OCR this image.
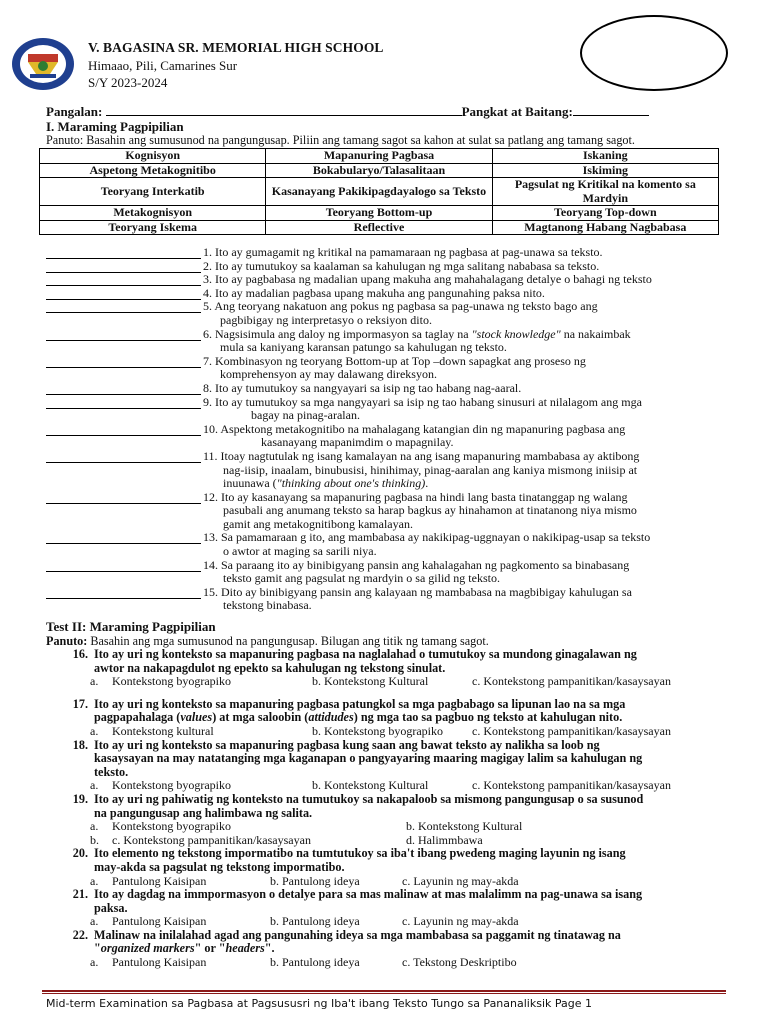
V. BAGASINA SR. MEMORIAL HIGH SCHOOL
Himaao, Pili, Camarines Sur
S/Y 2023-2024
Pangalan:	Pangkat at Baitang:
I. Maraming Pagpipilian
Panuto: Basahin ang sumusunod na pangungusap. Piliin ang tamang sagot sa kahon at sulat sa patlang ang tamang sagot.
Kognisyon	Mapanuring Pagbasa	Iskaning
Aspetong Metakognitibo	Bokabularyo/Talasalitaan	Iskiming
Teoryang Interkatib	Kasanayang Pakikipagdayalogo sa Teksto	Pagsulat ng Kritikal na komento sa Mardyin
Metakognisyon	Teoryang Bottom-up	Teoryang Top-down
Teoryang Iskema	Reflective	Magtanong Habang Nagbabasa
1. Ito ay gumagamit ng kritikal na pamamaraan ng pagbasa at pag-unawa sa teksto.
2. Ito ay tumutukoy sa kaalaman sa kahulugan ng mga salitang nababasa sa teksto.
3. Ito ay pagbabasa ng madalian upang makuha ang mahahalagang detalye o bahagi ng teksto
4. Ito ay madalian pagbasa upang makuha ang pangunahing paksa nito.
5. Ang teoryang nakatuon ang pokus ng pagbasa sa pag-unawa ng teksto bago ang
pagbibigay ng interpretasyo o reksiyon dito.
6. Nagsisimula ang daloy ng impormasyon sa taglay na "stock knowledge" na nakaimbak
mula sa kaniyang karansan patungo sa kahulugan ng teksto.
7. Kombinasyon ng teoryang Bottom-up at Top –down sapagkat ang proseso ng
komprehensyon ay may dalawang direksyon.
8. Ito ay tumutukoy sa nangyayari sa isip ng tao habang nag-aaral.
9. Ito ay tumutukoy sa mga nangyayari sa isip ng tao habang sinusuri at nilalagom ang mga
bagay na pinag-aralan.
10. Aspektong metakognitibo na mahalagang katangian din ng mapanuring pagbasa ang
kasanayang mapanimdim o mapagnilay.
11. Itoay nagtutulak ng isang kamalayan na ang isang mapanuring mambabasa ay aktibong
nag-iisip, inaalam, binubusisi, hinihimay, pinag-aaralan ang kaniya mismong iniisip at
inuunawa ("thinking about one's thinking).
12. Ito ay kasanayang sa mapanuring pagbasa na hindi lang basta tinatanggap ng walang
pasubali ang anumang teksto sa harap bagkus ay hinahamon at tinatanong niya mismo
gamit ang metakognitibong kamalayan.
13. Sa pamamaraan g ito, ang mambabasa ay nakikipag-uggnayan o nakikipag-usap sa teksto
o awtor at maging sa sarili niya.
14. Sa paraang ito ay binibigyang pansin ang kahalagahan ng pagkomento sa binabasang
teksto gamit ang pagsulat ng mardyin o sa gilid ng teksto.
15. Dito ay binibigyang pansin ang kalayaan ng mambabasa na magbibigay kahulugan sa
tekstong binabasa.
Test II: Maraming Pagpipilian
Panuto: Basahin ang mga sumusunod na pangungusap. Bilugan ang titik ng tamang sagot.
16. Ito ay uri ng konteksto sa mapanuring pagbasa na naglalahad o tumutukoy sa mundong ginagalawan ng
awtor na nakapagdulot ng epekto sa kahulugan ng tekstong sinulat.
a.	Kontekstong byograpiko	b. Kontekstong Kultural	c. Kontekstong pampanitikan/kasaysayan
17. Ito ay uri ng konteksto sa mapanuring pagbasa patungkol sa mga pagbabago sa lipunan lao na sa mga
pagpapahalaga (values) at mga saloobin (attidudes) ng mga tao sa pagbuo ng teksto at kahulugan nito.
a.	Kontekstong kultural	b. Kontekstong byograpiko	c. Kontekstong pampanitikan/kasaysayan
18. Ito ay uri ng konteksto sa mapanuring pagbasa kung saan ang bawat teksto ay nalikha sa loob ng
kasaysayan na may natatanging mga kaganapan o pangyayaring maaring magigay lalim sa kahulugan ng
teksto.
a.	Kontekstong byograpiko	b. Kontekstong Kultural	c. Kontekstong pampanitikan/kasaysayan
19. Ito ay uri ng pahiwatig ng konteksto na tumutukoy sa nakapaloob sa mismong pangungusap o sa susunod
na pangungusap ang halimbawa ng salita.
a.	Kontekstong byograpiko	b. Kontekstong Kultural
b.	c. Kontekstong pampanitikan/kasaysayan	d. Halimmbawa
20. Ito elemento ng tekstong impormatibo na tumtutukoy sa iba't ibang pwedeng maging layunin ng isang
may-akda sa pagsulat ng tekstong impormatibo.
a.	Pantulong Kaisipan	b. Pantulong ideya	c. Layunin ng may-akda
21. Ito ay dagdag na immpormasyon o detalye para sa mas malinaw at mas malalimm na pag-unawa sa isang
paksa.
a.	Pantulong Kaisipan	b. Pantulong ideya	c. Layunin ng may-akda
22. Malinaw na inilalahad agad ang pangunahing ideya sa mga mambabasa sa paggamit ng tinatawag na
"organized markers" or "headers".
a.	Pantulong Kaisipan	b. Pantulong ideya	c. Tekstong Deskriptibo
Mid-term Examination sa Pagbasa at Pagsususri ng Iba't ibang Teksto Tungo sa Pananaliksik Page 1
